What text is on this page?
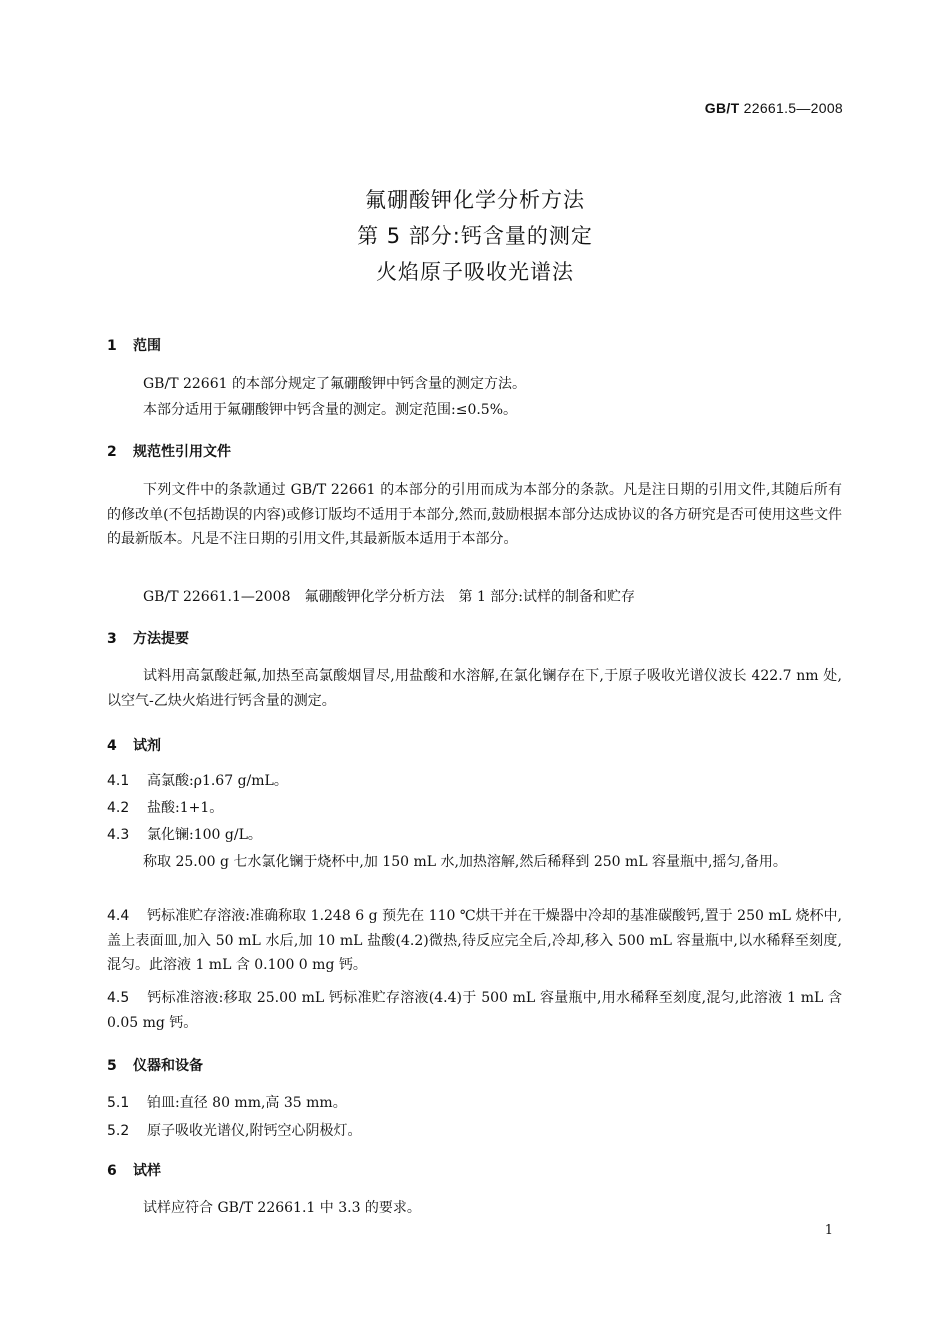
GB/T 22661.5—2008
氟硼酸钾化学分析方法
第 5 部分:钙含量的测定
火焰原子吸收光谱法
1 范围
GB/T 22661 的本部分规定了氟硼酸钾中钙含量的测定方法。
本部分适用于氟硼酸钾中钙含量的测定。测定范围:≤0.5%。
2 规范性引用文件
下列文件中的条款通过 GB/T 22661 的本部分的引用而成为本部分的条款。凡是注日期的引用文件,其随后所有的修改单(不包括勘误的内容)或修订版均不适用于本部分,然而,鼓励根据本部分达成协议的各方研究是否可使用这些文件的最新版本。凡是不注日期的引用文件,其最新版本适用于本部分。
GB/T 22661.1—2008　氟硼酸钾化学分析方法　第 1 部分:试样的制备和贮存
3 方法提要
试料用高氯酸赶氟,加热至高氯酸烟冒尽,用盐酸和水溶解,在氯化镧存在下,于原子吸收光谱仪波长 422.7 nm 处,以空气-乙炔火焰进行钙含量的测定。
4 试剂
4.1 高氯酸:ρ1.67 g/mL。
4.2 盐酸:1+1。
4.3 氯化镧:100 g/L。
称取 25.00 g 七水氯化镧于烧杯中,加 150 mL 水,加热溶解,然后稀释到 250 mL 容量瓶中,摇匀,备用。
4.4 钙标准贮存溶液:准确称取 1.248 6 g 预先在 110 ℃烘干并在干燥器中冷却的基准碳酸钙,置于 250 mL 烧杯中,盖上表面皿,加入 50 mL 水后,加 10 mL 盐酸(4.2)微热,待反应完全后,冷却,移入 500 mL 容量瓶中,以水稀释至刻度,混匀。此溶液 1 mL 含 0.100 0 mg 钙。
4.5 钙标准溶液:移取 25.00 mL 钙标准贮存溶液(4.4)于 500 mL 容量瓶中,用水稀释至刻度,混匀,此溶液 1 mL 含 0.05 mg 钙。
5 仪器和设备
5.1 铂皿:直径 80 mm,高 35 mm。
5.2 原子吸收光谱仪,附钙空心阴极灯。
6 试样
试样应符合 GB/T 22661.1 中 3.3 的要求。
1
